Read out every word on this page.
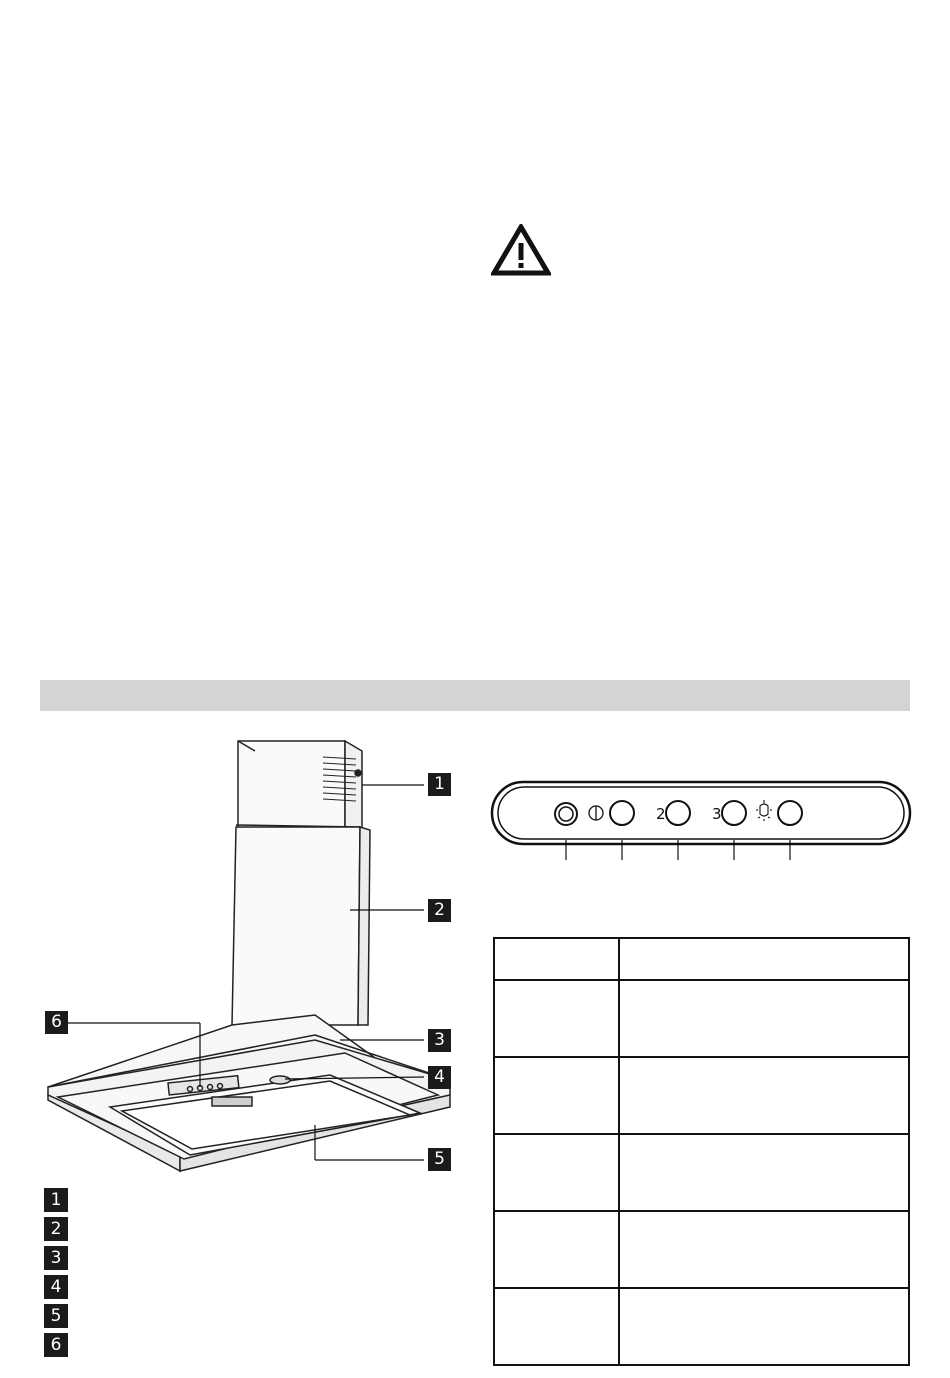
1
2
3
4
5
6
1
2
3
4
5
6
2	3
